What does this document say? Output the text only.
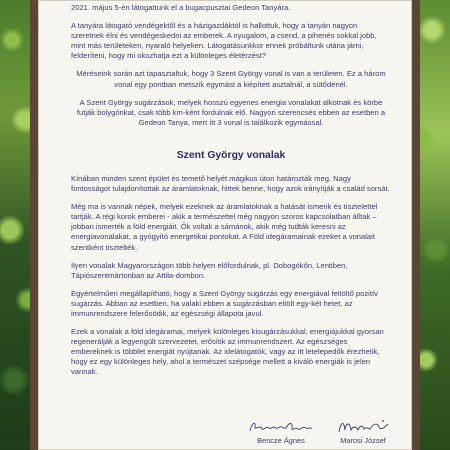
2021. május 5-én látogattunk el a bugacpusztai Gedeon Tanyára.

A tanyára látogató vendégektől és a házigazdáktól is hallottuk, hogy a tanyán nagyon szeretnek élni és vendégeskedni az emberek. A nyugalom, a csend, a pihenés sokkal jobb, mint más területeken, nyaraló helyeken. Látogatásunkkor ennek próbáltunk utána járni, felderíteni, hogy mi okozhatja ezt a különleges életérzést?

Méréseink során azt tapasztaltuk, hogy 3 Szent György vonal is van a területen. Ez a három vonal egy pontban metszik egymást a kiépített asztalnál, a sütődénél.

A Szent György sugárzások, melyek hosszú egyenes energia vonalakat alkotnak és körbe futják bolygónkat, csak több km-ként fordulnak elő. Nagyon szerencsés ebben az esetben a Gedeon Tanya, mert itt 3 vonal is találkozik egymással.

Szent György vonalak

Kínában minden szent épület és temető helyét mágikus úton határozták meg. Nagy fontosságot tulajdonítottak az áramlatoknak, hittek benne, hogy azok irányítják a család sorsát.

Még ma is vannak népek, melyek ezeknek az áramlatoknak a hatását ismerik és tisztelettel tartják. A régi korok emberei - akik a természettel még nagyon szoros kapcsolatban álltak – jobban ismerték a föld energiáit. Ők voltak a sámánok, akik még tudták keresni az energiavonalakat, a gyógyító energetikai pontokat. A Föld idegáramainak ezeket a vonalait szentként tisztelték.

Ilyen vonalak Magyarországon több helyen előfordulnak, pl. Dobogókőn, Lentiben, Tápiószentmártonban az Attila-dombon.

Egyértelműen megállapítható, hogy a Szent György sugárzás egy energiával feltöltő pozitív sugárzás. Abban az esetben, ha valaki ebben a sugárzásban eltölt egy-két hetet, az immunrendszere felerősödik, az egészségi állapota javul.

Ezek a vonalak a föld idegáramai, melyek különleges kisugárzásukkal, energiájukkal gyorsan regenerálják a legyengült szervezetet, erősítik az immunrendszert. Az egészséges embereknek is többlet energiát nyújtanak. Az idelátogatók, vagy az itt letelepedők érezhetik, hogy ez egy különleges hely, ahol a természet szépsége mellett a kiváló energiák is jelen vannak.

Bencze Ágnes	Marosi József
